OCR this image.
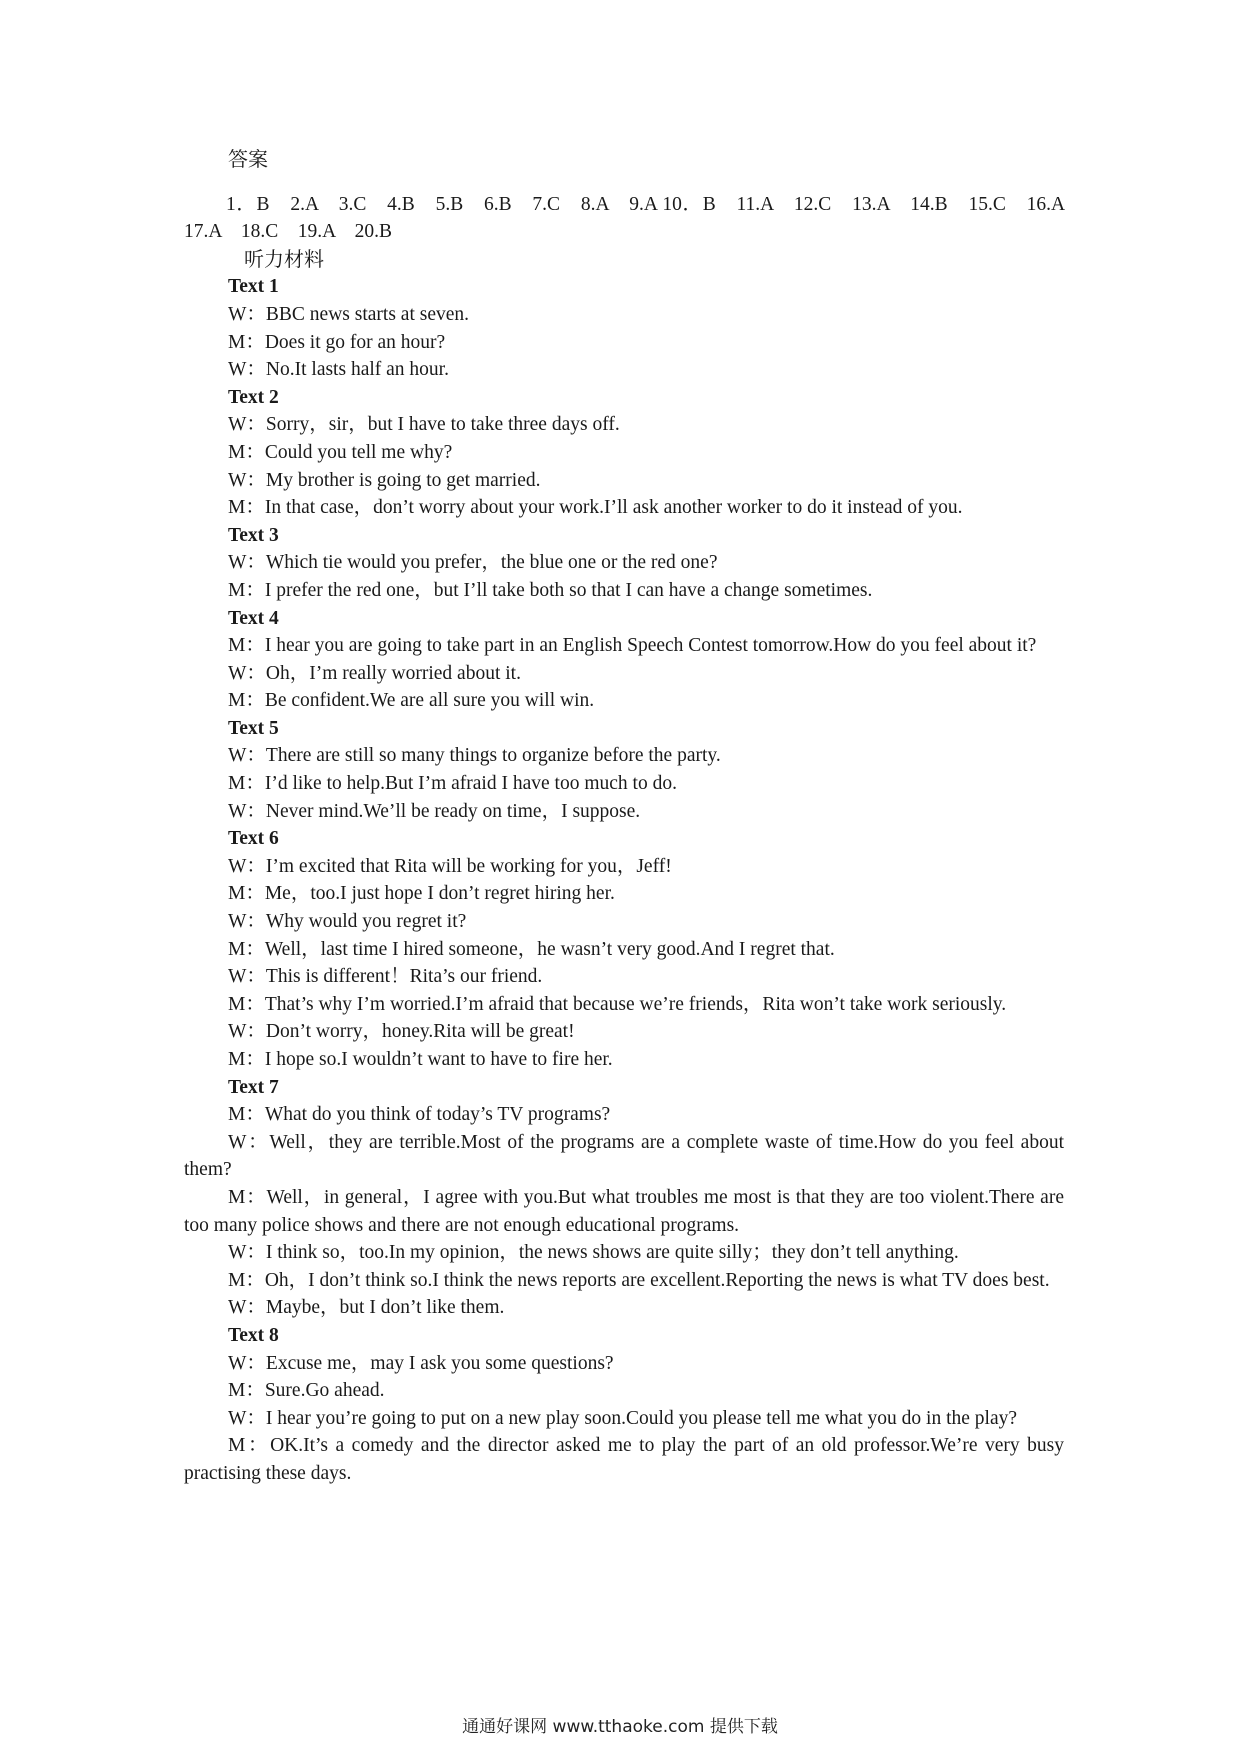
答案
1．B　2.A　3.C　4.B　5.B　6.B　7.C　8.A　9.A 10．B　11.A　12.C　13.A　14.B　15.C　16.A　17.A　18.C　19.A　20.B
听力材料
Text 1
W：BBC news starts at seven.
M：Does it go for an hour?
W：No.It lasts half an hour.
Text 2
W：Sorry，sir，but I have to take three days off.
M：Could you tell me why?
W：My brother is going to get married.
M：In that case，don’t worry about your work.I’ll ask another worker to do it instead of you.
Text 3
W：Which tie would you prefer，the blue one or the red one?
M：I prefer the red one，but I’ll take both so that I can have a change sometimes.
Text 4
M：I hear you are going to take part in an English Speech Contest tomorrow.How do you feel about it?
W：Oh，I’m really worried about it.
M：Be confident.We are all sure you will win.
Text 5
W：There are still so many things to organize before the party.
M：I’d like to help.But I’m afraid I have too much to do.
W：Never mind.We’ll be ready on time，I suppose.
Text 6
W：I’m excited that Rita will be working for you，Jeff!
M：Me，too.I just hope I don’t regret hiring her.
W：Why would you regret it?
M：Well，last time I hired someone，he wasn’t very good.And I regret that.
W：This is different！Rita’s our friend.
M：That’s why I’m worried.I’m afraid that because we’re friends，Rita won’t take work seriously.
W：Don’t worry，honey.Rita will be great!
M：I hope so.I wouldn’t want to have to fire her.
Text 7
M：What do you think of today’s TV programs?
W：Well，they are terrible.Most of the programs are a complete waste of time.How do you feel about them?
M：Well，in general，I agree with you.But what troubles me most is that they are too violent.There are too many police shows and there are not enough educational programs.
W：I think so，too.In my opinion，the news shows are quite silly；they don’t tell anything.
M：Oh，I don’t think so.I think the news reports are excellent.Reporting the news is what TV does best.
W：Maybe，but I don’t like them.
Text 8
W：Excuse me，may I ask you some questions?
M：Sure.Go ahead.
W：I hear you’re going to put on a new play soon.Could you please tell me what you do in the play?
M：OK.It’s a comedy and the director asked me to play the part of an old professor.We’re very busy practising these days.
通通好课网 www.tthaoke.com 提供下载
